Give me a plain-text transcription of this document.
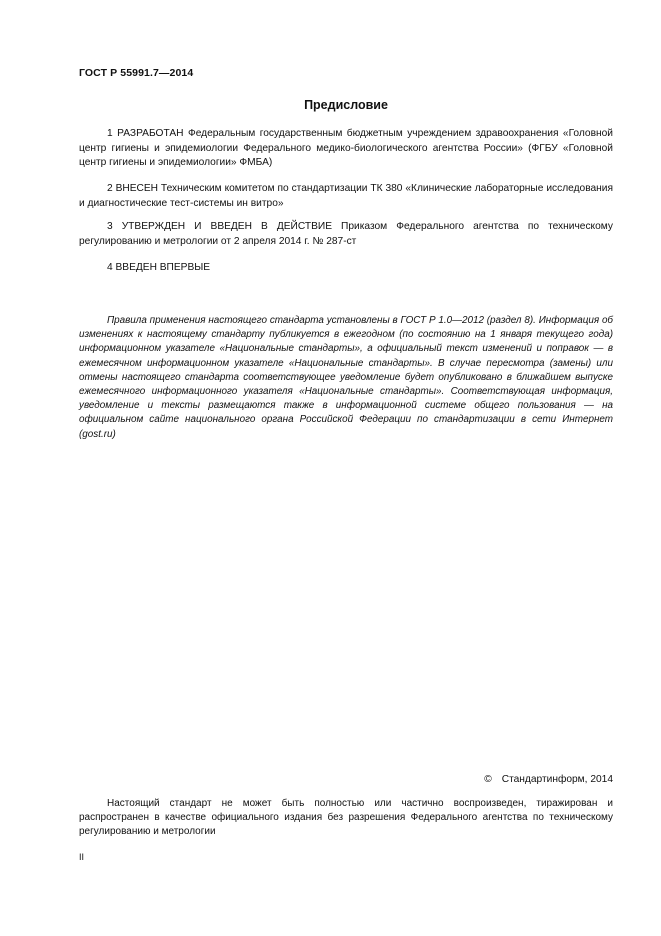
ГОСТ Р 55991.7—2014
Предисловие

1 РАЗРАБОТАН Федеральным государственным бюджетным учреждением здравоохранения «Головной центр гигиены и эпидемиологии Федерального медико-биологического агентства России» (ФГБУ «Головной центр гигиены и эпидемиологии» ФМБА)

2 ВНЕСЕН Техническим комитетом по стандартизации ТК 380 «Клинические лабораторные исследования и диагностические тест-системы ин витро»

3 УТВЕРЖДЕН И ВВЕДЕН В ДЕЙСТВИЕ Приказом Федерального агентства по техническому регулированию и метрологии от 2 апреля 2014 г. № 287-ст

4 ВВЕДЕН ВПЕРВЫЕ

Правила применения настоящего стандарта установлены в ГОСТ Р 1.0—2012 (раздел 8). Информация об изменениях к настоящему стандарту публикуется в ежегодном (по состоянию на 1 января текущего года) информационном указателе «Национальные стандарты», а официальный текст изменений и поправок — в ежемесячном информационном указателе «Национальные стандарты». В случае пересмотра (замены) или отмены настоящего стандарта соответствующее уведомление будет опубликовано в ближайшем выпуске ежемесячного информационного указателя «Национальные стандарты». Соответствующая информация, уведомление и тексты размещаются также в информационной системе общего пользования — на официальном сайте национального органа Российской Федерации по стандартизации в сети Интернет (gost.ru)

© Стандартинформ, 2014

Настоящий стандарт не может быть полностью или частично воспроизведен, тиражирован и распространен в качестве официального издания без разрешения Федерального агентства по техническому регулированию и метрологии

II
